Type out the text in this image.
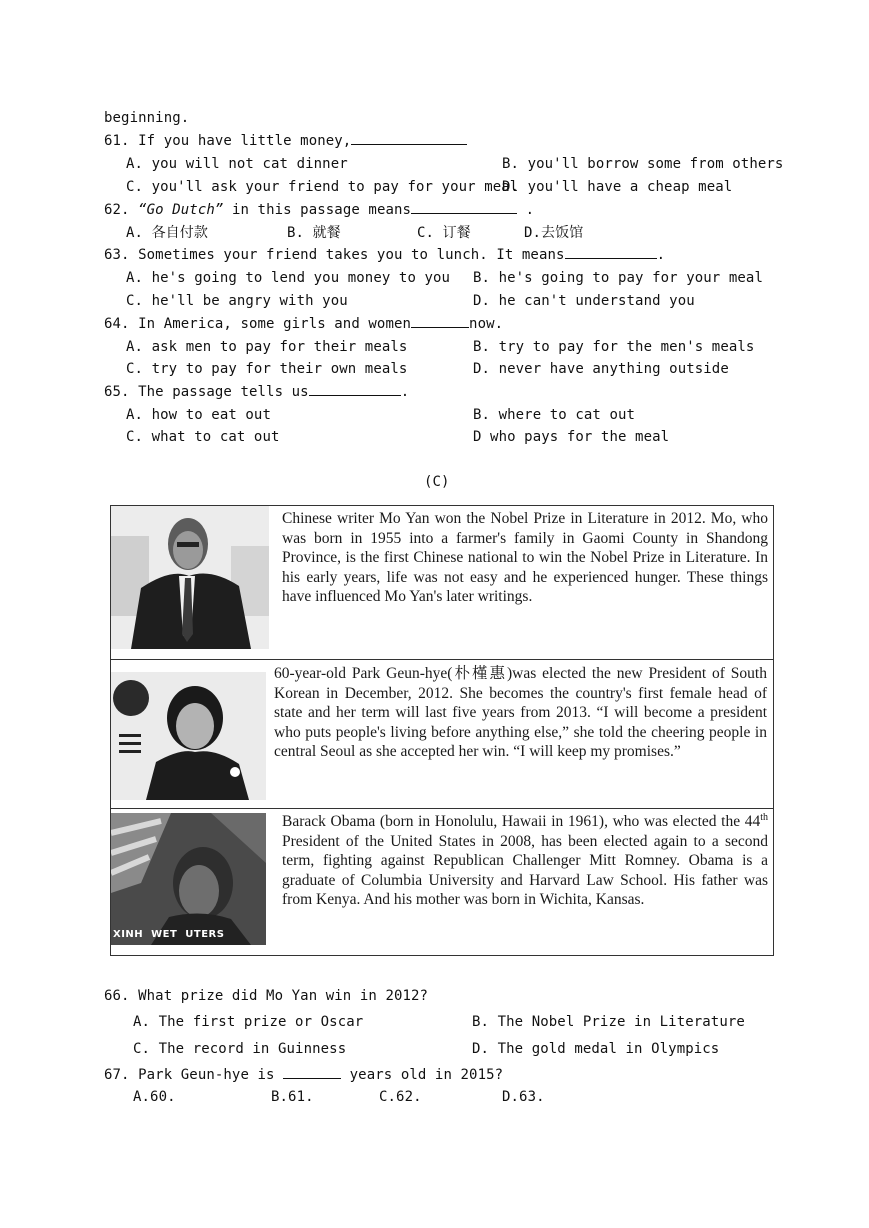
beginning.
61. If you have little money,
A. you will not cat dinner	B. you'll borrow some from others
C. you'll ask your friend to pay for your meal
D. you'll have a cheap meal
62. “Go Dutch” in this passage means	.
A. 各自付款	B. 就餐	C. 订餐	D.去饭馆
63. Sometimes your friend takes you to lunch. It means	.
A. he's going to lend you money to you B. he's going to pay for your meal
C. he'll be angry with you	D. he can't understand you
64. In America, some girls and women	now.
A. ask men to pay for their meals	B. try to pay for the men's meals
C. try to pay for their own meals	D. never have anything outside
65. The passage tells us	.
A. how to eat out	B. where to cat out
C. what to cat out	D who pays for the meal
(C)
Chinese writer Mo Yan won the Nobel Prize in Literature in 2012. Mo, who was born in 1955 into a farmer's family in Gaomi County in Shandong Province, is the first Chinese national to win the Nobel Prize in Literature. In his early years, life was not easy and he experienced hunger. These things have influenced Mo Yan's later writings.
60-year-old Park Geun-hye(朴槿惠)was elected the new President of South Korean in December, 2012. She becomes the country's first female head of state and her term will last five years from 2013. “I will become a president who puts people's living before anything else,” she told the cheering people in central Seoul as she accepted her win. “I will keep my promises.”
XINH  WET  UTERS
Barack Obama (born in Honolulu, Hawaii in 1961), who was elected the 44th President of the United States in 2008, has been elected again to a second term, fighting against Republican Challenger Mitt Romney. Obama is a graduate of Columbia University and Harvard Law School. His father was from Kenya. And his mother was born in Wichita, Kansas.
66. What prize did Mo Yan win in 2012?
A. The first prize or Oscar	B. The Nobel Prize in Literature
C. The record in Guinness	D. The gold medal in Olympics
67. Park Geun-hye is	years old in 2015?
A.60.	B.61.	C.62.	D.63.
